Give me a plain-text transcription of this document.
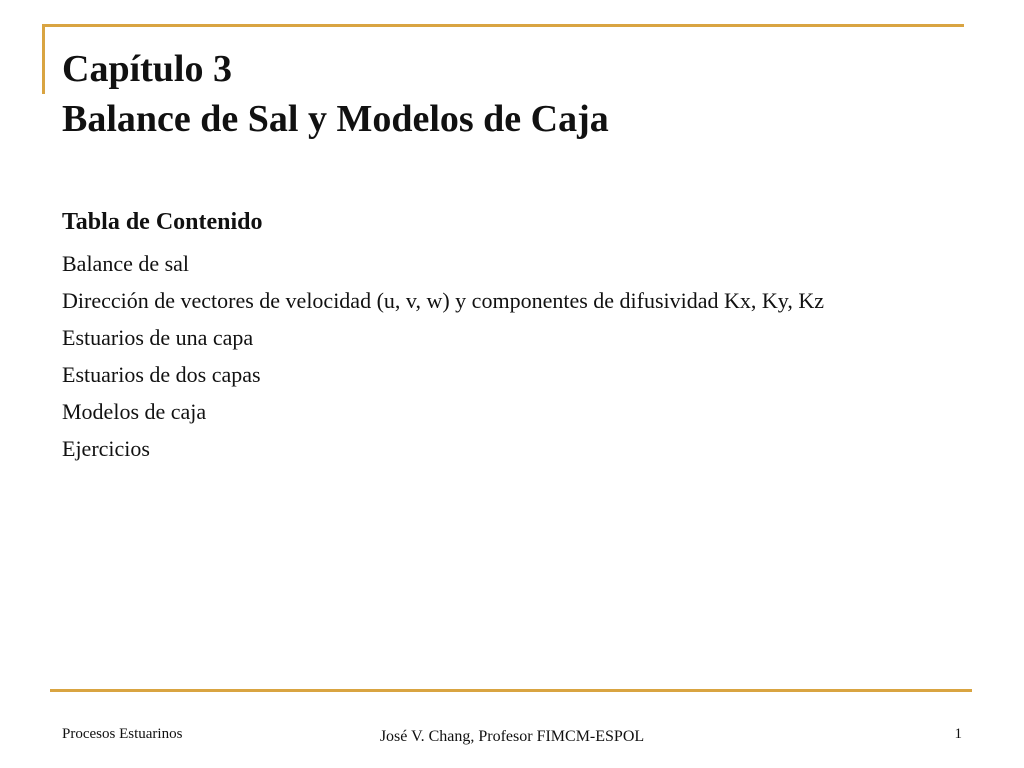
Capítulo 3
Balance de Sal y Modelos de Caja
Tabla de Contenido
Balance de sal
Dirección de vectores de velocidad (u, v, w) y componentes de difusividad Kx, Ky, Kz
Estuarios de una capa
Estuarios de dos capas
Modelos de caja
Ejercicios
Procesos Estuarinos	José V. Chang, Profesor FIMCM-ESPOL	1
